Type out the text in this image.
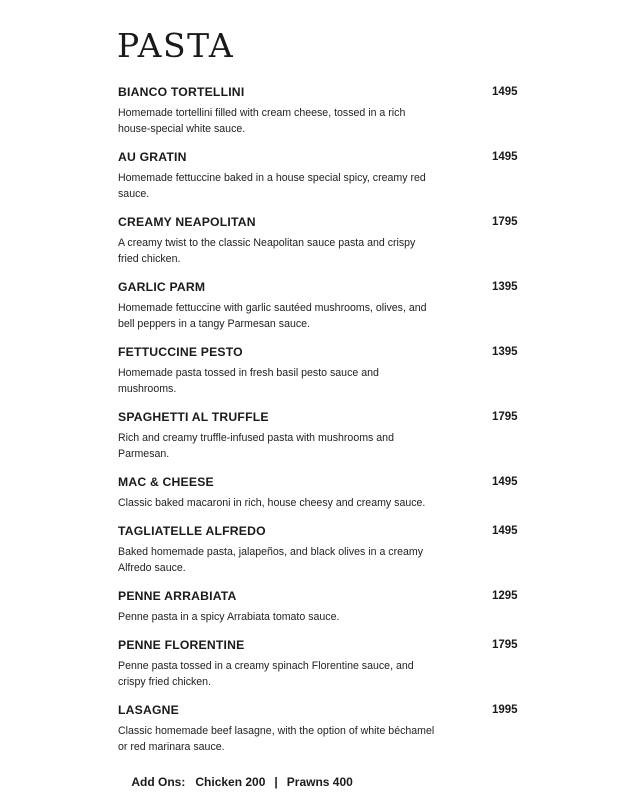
PASTA
BIANCO TORTELLINI	1495
Homemade tortellini filled with cream cheese, tossed in a rich house-special white sauce.
AU GRATIN	1495
Homemade fettuccine baked in a house special spicy, creamy red sauce.
CREAMY NEAPOLITAN	1795
A creamy twist to the classic Neapolitan sauce pasta and crispy fried chicken.
GARLIC PARM	1395
Homemade fettuccine with garlic sautéed mushrooms, olives, and bell peppers in a tangy Parmesan sauce.
FETTUCCINE PESTO	1395
Homemade pasta tossed in fresh basil pesto sauce and mushrooms.
SPAGHETTI AL TRUFFLE	1795
Rich and creamy truffle-infused pasta with mushrooms and Parmesan.
MAC & CHEESE	1495
Classic baked macaroni in rich, house cheesy and creamy sauce.
TAGLIATELLE ALFREDO	1495
Baked homemade pasta, jalapeños, and black olives in a creamy Alfredo sauce.
PENNE ARRABIATA	1295
Penne pasta in a spicy Arrabiata tomato sauce.
PENNE FLORENTINE	1795
Penne pasta tossed in a creamy spinach Florentine sauce, and crispy fried chicken.
LASAGNE	1995
Classic homemade beef lasagne, with the option of white béchamel or red marinara sauce.

Add Ons: Chicken 200 | Prawns 400
